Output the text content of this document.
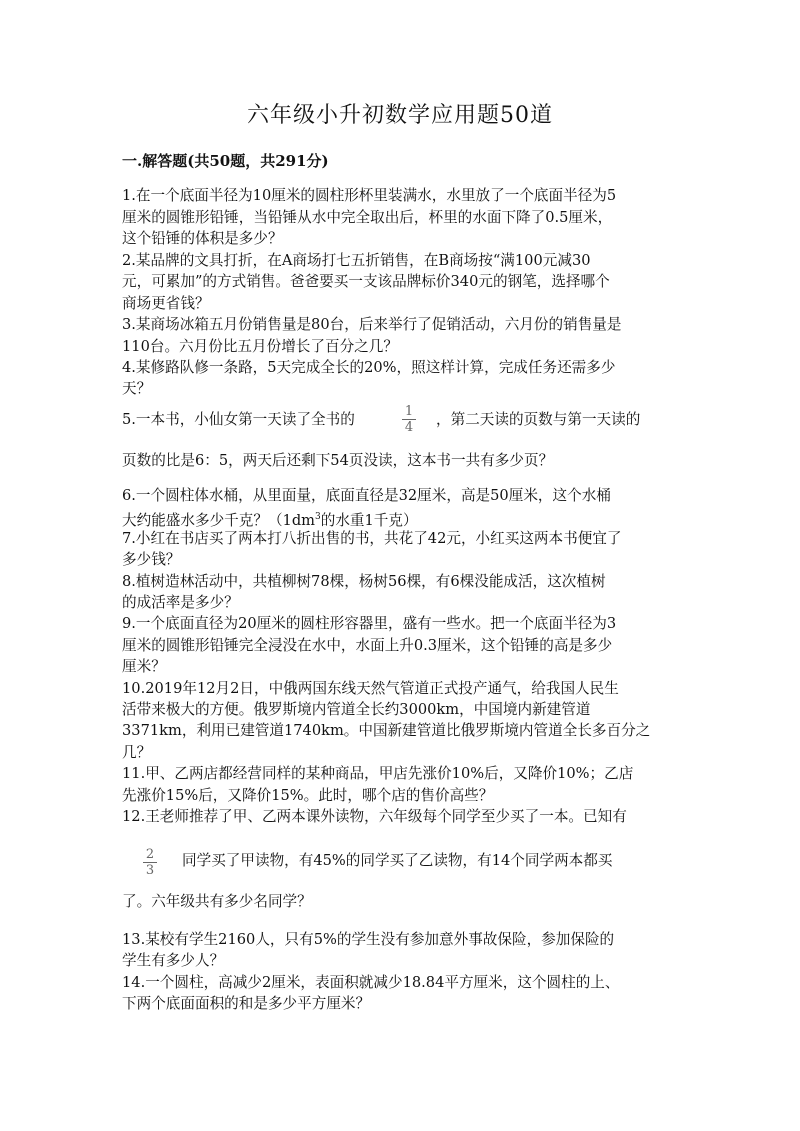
六年级小升初数学应用题50道
一.解答题(共50题，共291分)
1.在一个底面半径为10厘米的圆柱形杯里装满水，水里放了一个底面半径为5
厘米的圆锥形铅锤，当铅锤从水中完全取出后，杯里的水面下降了0.5厘米，
这个铅锤的体积是多少？
2.某品牌的文具打折，在A商场打七五折销售，在B商场按“满100元减30
元，可累加”的方式销售。爸爸要买一支该品牌标价340元的钢笔，选择哪个
商场更省钱？
3.某商场冰箱五月份销售量是80台，后来举行了促销活动，六月份的销售量是
110台。六月份比五月份增长了百分之几？
4.某修路队修一条路，5天完成全长的20%，照这样计算，完成任务还需多少
天？
5.一本书，小仙女第一天读了全书的	1
4 ，第二天读的页数与第一天读的
页数的比是6：5，两天后还剩下54页没读，这本书一共有多少页？
6.一个圆柱体水桶，从里面量，底面直径是32厘米，高是50厘米，这个水桶
大约能盛水多少千克？（$1dm^3$的水重1千克）
7.小红在书店买了两本打八折出售的书，共花了42元，小红买这两本书便宜了
多少钱？
8.植树造林活动中，共植柳树78棵，杨树56棵，有6棵没能成活，这次植树
的成活率是多少？
9.一个底面直径为20厘米的圆柱形容器里，盛有一些水。把一个底面半径为3
厘米的圆锥形铅锤完全浸没在水中，水面上升0.3厘米，这个铅锤的高是多少
厘米？
10.2019年12月2日，中俄两国东线天然气管道正式投产通气，给我国人民生
活带来极大的方便。俄罗斯境内管道全长约3000km，中国境内新建管道
3371km，利用已建管道1740km。中国新建管道比俄罗斯境内管道全长多百分之
几？
11.甲、乙两店都经营同样的某种商品，甲店先涨价10%后，又降价10%；乙店
先涨价15%后，又降价15%。此时，哪个店的售价高些？
12.王老师推荐了甲、乙两本课外读物，六年级每个同学至少买了一本。已知有
2
3
同学买了甲读物，有45%的同学买了乙读物，有14个同学两本都买
了。六年级共有多少名同学？
13.某校有学生2160人，只有5%的学生没有参加意外事故保险，参加保险的
学生有多少人？
14.一个圆柱，高减少2厘米，表面积就减少18.84平方厘米，这个圆柱的上、
下两个底面面积的和是多少平方厘米？
